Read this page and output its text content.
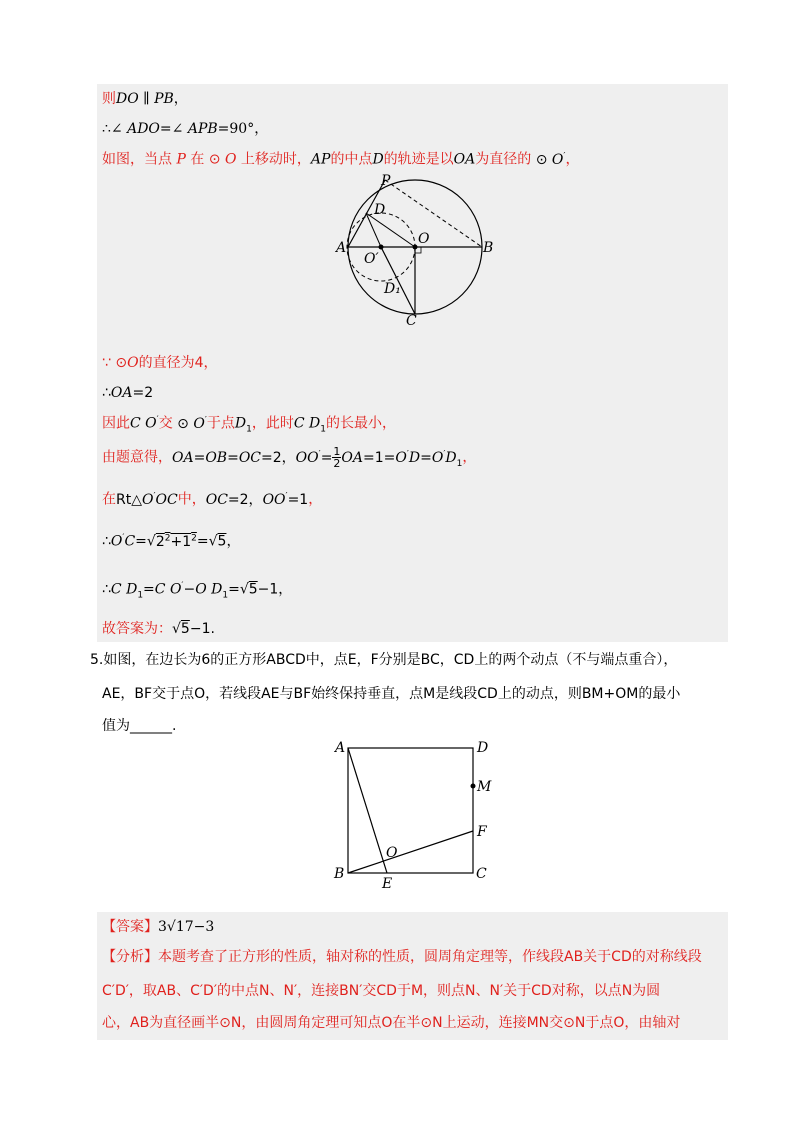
则DO ∥ PB，
∴∠ ADO=∠ APB=90°，
如图，当点 P 在 ⊙ O 上移动时，AP的中点D的轨迹是以OA为直径的 ⊙ O′，
P
D
A
O
O′
B
D₁
C
∵ ⊙O的直径为4，
∴OA=2
因此C O′交 ⊙ O′于点$D_1$，此时C $D_1$的长最小，
由题意得，OA=OB=OC=2，$OO'= \frac{1}{2} OA=1=O'D=O'D_1$，
在Rt△O′OC中，OC=2，OO′=1，
$\therefore O'C=√2^2+1^2=√5$，
∴C $D_1=C$ O′−O $D_1=√5-1$，
故答案为：√5−1.
5.如图，在边长为6的正方形ABCD中，点E，F分别是BC，CD上的两个动点（不与端点重合），
AE，BF交于点O，若线段AE与BF始终保持垂直，点M是线段CD上的动点，则BM+OM的最小
值为______.
A	D
M
F
O
B
E
C
【答案】3√17−3
【分析】本题考查了正方形的性质，轴对称的性质，圆周角定理等，作线段AB关于CD的对称线段
C′D′，取AB、C′D′的中点N、N′，连接BN′交CD于M，则点N、N′关于CD对称，以点N为圆
心，AB为直径画半⊙N，由圆周角定理可知点O在半⊙N上运动，连接MN交⊙N于点O，由轴对
